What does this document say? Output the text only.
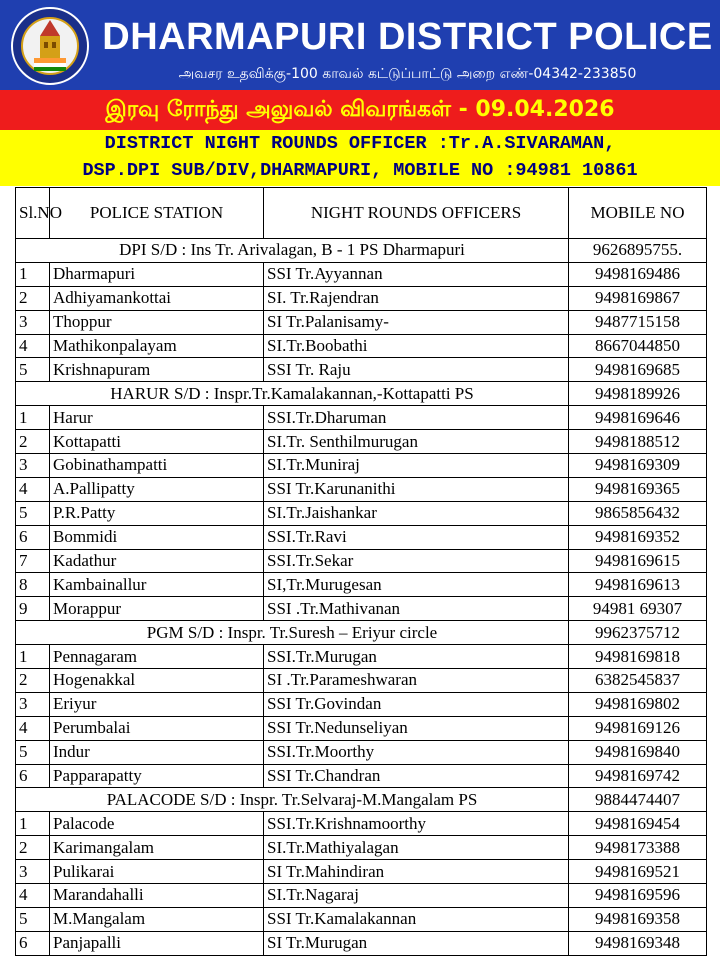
DHARMAPURI DISTRICT POLICE
அவசர உதவிக்கு-100 காவல் கட்டுப்பாட்டு அறை எண்-04342-233850
இரவு ரோந்து அலுவல் விவரங்கள் - 09.04.2026
DISTRICT NIGHT ROUNDS OFFICER :Tr.A.SIVARAMAN,
DSP.DPI SUB/DIV,DHARMAPURI, MOBILE NO :94981 10861
Sl.NO	POLICE STATION	NIGHT ROUNDS OFFICERS	MOBILE NO
DPI S/D : Ins Tr. Arivalagan, B - 1 PS Dharmapuri			9626895755.
1	Dharmapuri	SSI Tr.Ayyannan	9498169486
2	Adhiyamankottai	SI. Tr.Rajendran	9498169867
3	Thoppur	SI Tr.Palanisamy-	9487715158
4	Mathikonpalayam	SI.Tr.Boobathi	8667044850
5	Krishnapuram	SSI Tr. Raju	9498169685
HARUR S/D : Inspr.Tr.Kamalakannan,-Kottapatti PS			9498189926
1	Harur	SSI.Tr.Dharuman	9498169646
2	Kottapatti	SI.Tr. Senthilmurugan	9498188512
3	Gobinathampatti	SI.Tr.Muniraj	9498169309
4	A.Pallipatty	SSI Tr.Karunanithi	9498169365
5	P.R.Patty	SI.Tr.Jaishankar	9865856432
6	Bommidi	SSI.Tr.Ravi	9498169352
7	Kadathur	SSI.Tr.Sekar	9498169615
8	Kambainallur	SI,Tr.Murugesan	9498169613
9	Morappur	SSI .Tr.Mathivanan	94981 69307
PGM S/D : Inspr. Tr.Suresh – Eriyur circle			9962375712
1	Pennagaram	SSI.Tr.Murugan	9498169818
2	Hogenakkal	SI .Tr.Parameshwaran	6382545837
3	Eriyur	SSI Tr.Govindan	9498169802
4	Perumbalai	SSI Tr.Nedunseliyan	9498169126
5	Indur	SSI.Tr.Moorthy	9498169840
6	Papparapatty	SSI Tr.Chandran	9498169742
PALACODE S/D : Inspr. Tr.Selvaraj-M.Mangalam PS			9884474407
1	Palacode	SSI.Tr.Krishnamoorthy	9498169454
2	Karimangalam	SI.Tr.Mathiyalagan	9498173388
3	Pulikarai	SI Tr.Mahindiran	9498169521
4	Marandahalli	SI.Tr.Nagaraj	9498169596
5	M.Mangalam	SSI Tr.Kamalakannan	9498169358
6	Panjapalli	SI Tr.Murugan	9498169348
